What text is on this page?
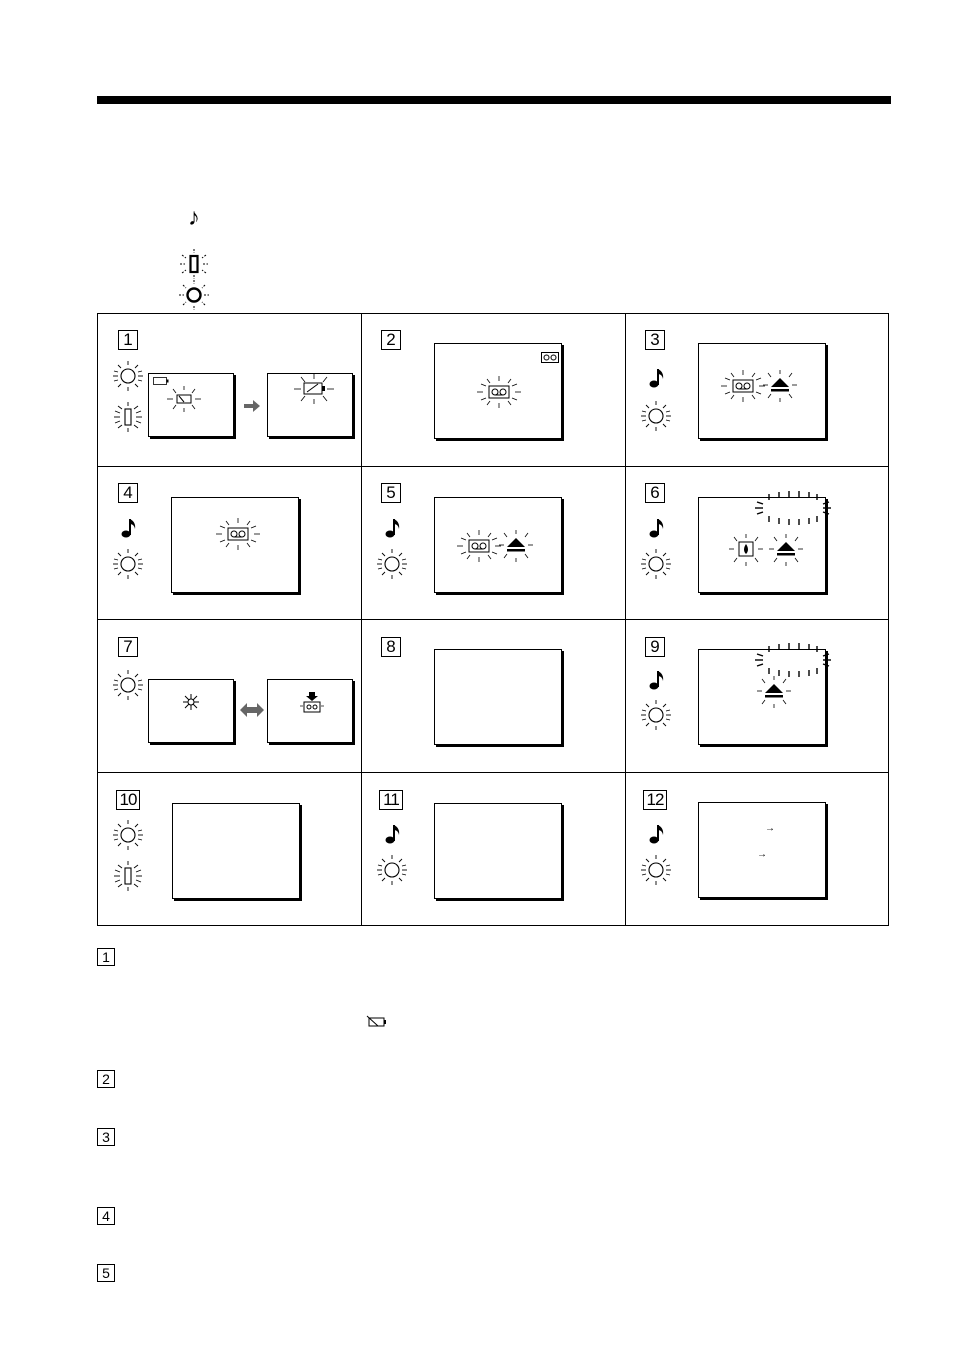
♪
1	2	3
4	5	6
7	8	9
10	11	12
→
→
1
2
3
4
5
